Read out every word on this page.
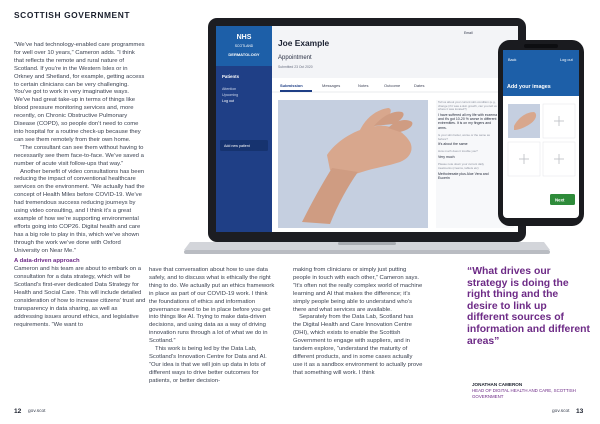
SCOTTISH GOVERNMENT

“We’ve had technology-enabled care programmes for well over 10 years,” Cameron adds. “I think that reflects the remote and rural nature of Scotland. If you’re in the Western Isles or in Orkney and Shetland, for example, getting access to certain clinicians can be very challenging. You’ve got to work in very imaginative ways. We’ve had great take-up in terms of things like blood pressure monitoring services and, more recently, on Chronic Obstructive Pulmonary Disease (COPD), so people don’t need to come into hospital for a routine check-up because they can see them remotely from their own home.

“The consultant can see them without having to necessarily see them face-to-face. We’ve saved a number of acute visit follow-ups that way.”

Another benefit of video consultations has been reducing the impact of conventional healthcare services on the environment. “We actually had the concept of Health Miles before COVID-19. We’ve had tremendous success reducing journeys by using video consulting, and I think it’s a great example of how we’re supporting environmental efforts going into COP26. Digital health and care has a big role to play in this, which we’ve shown through the work we’ve done with Oxford University on Near Me.”

A data-driven approach

Cameron and his team are about to embark on a consultation for a data strategy, which will be Scotland’s first-ever dedicated Data Strategy for Health and Social Care. This will include detailed consideration of how to increase citizens’ trust and transparency in data sharing, as well as addressing issues around ethics, and legislative requirements. “We want to

NHS
SCOTLAND
DERMATOLOGY
Patients
Attention
Upcoming
Log out
Add new patient
Joe Example
Appointment
Submitted 23 Oct 2020
Email
Submission	Messages	Notes	Outcome	Dates
Tell us about your current skin condition (e.g., change (if it was a skin growth, can you tell us where it was located?)
I have suffered all my life with eczema and it’s got 10-20 % worse in different extremities. It is on my fingers and arms.
Is your skin better, worse or the same as before?
It’s about the same
How much does it trouble you?
Very much
Please note down your current daily treatments (creams, tablets etc)
Methotrexate plus Aloe Vera and Eucerin
Back	Log out
Add your images
Next

have that conversation about how to use data safely, and to discuss what is ethically the right thing to do. We actually put an ethics framework in place as part of our COVID-19 work. I think the foundations of ethics and information governance need to be in place before you get into things like AI. Trying to make data-driven decisions, and using data as a way of driving innovation runs through a lot of what we do in Scotland.”

This work is being led by the Data Lab, Scotland’s Innovation Centre for Data and AI. “Our idea is that we will join up data in lots of different ways to drive better outcomes for patients, or better decision-

making from clinicians or simply just putting people in touch with each other,” Cameron says. “It’s often not the really complex world of machine learning and AI that makes the difference; it’s simply people being able to understand who’s there and what services are available.

Separately from the Data Lab, Scotland has the Digital Health and Care Innovation Centre (DHI), which exists to enable the Scottish Government to engage with suppliers, and in tandem explore, “understand the maturity of different products, and in some cases actually use it as a sandbox environment to actually prove that something will work. I think

“What drives our strategy is doing the right thing and the desire to link up different sources of information and different areas”
JONATHAN CAMERON
HEAD OF DIGITAL HEALTH AND CARE, SCOTTISH GOVERNMENT
12 gov.scot	gov.scot 13
